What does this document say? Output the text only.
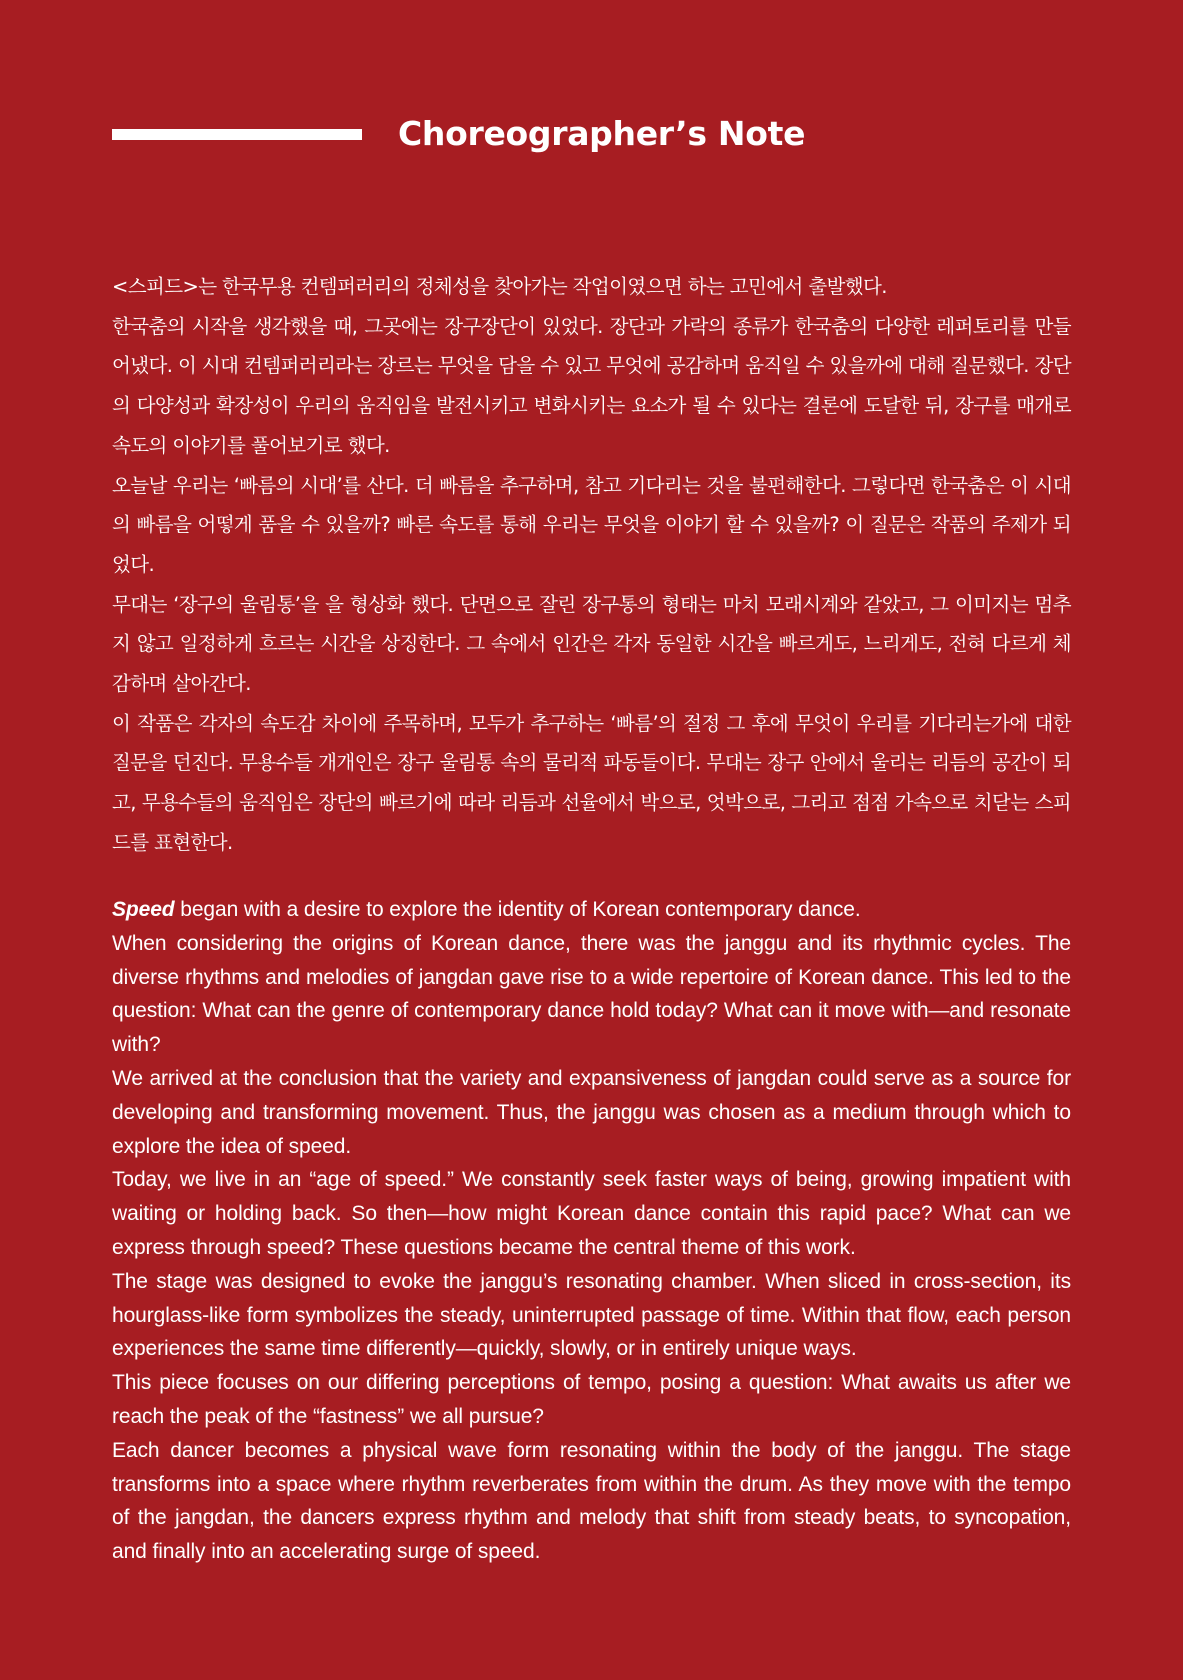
Choreographer’s Note

<스피드>는 한국무용 컨템퍼러리의 정체성을 찾아가는 작업이였으면 하는 고민에서 출발했다.

한국춤의 시작을 생각했을 때, 그곳에는 장구장단이 있었다. 장단과 가락의 종류가 한국춤의 다양한 레퍼토리를 만들어냈다. 이 시대 컨템퍼러리라는 장르는 무엇을 담을 수 있고 무엇에 공감하며 움직일 수 있을까에 대해 질문했다. 장단의 다양성과 확장성이 우리의 움직임을 발전시키고 변화시키는 요소가 될 수 있다는 결론에 도달한 뒤, 장구를 매개로 속도의 이야기를 풀어보기로 했다.

오늘날 우리는 ‘빠름의 시대’를 산다. 더 빠름을 추구하며, 참고 기다리는 것을 불편해한다. 그렇다면 한국춤은 이 시대의 빠름을 어떻게 품을 수 있을까? 빠른 속도를 통해 우리는 무엇을 이야기 할 수 있을까? 이 질문은 작품의 주제가 되었다.

무대는 ‘장구의 울림통’을 을 형상화 했다. 단면으로 잘린 장구통의 형태는 마치 모래시계와 같았고, 그 이미지는 멈추지 않고 일정하게 흐르는 시간을 상징한다. 그 속에서 인간은 각자 동일한 시간을 빠르게도, 느리게도, 전혀 다르게 체감하며 살아간다.

이 작품은 각자의 속도감 차이에 주목하며, 모두가 추구하는 ‘빠름’의 절정 그 후에 무엇이 우리를 기다리는가에 대한 질문을 던진다. 무용수들 개개인은 장구 울림통 속의 물리적 파동들이다. 무대는 장구 안에서 울리는 리듬의 공간이 되고, 무용수들의 움직임은 장단의 빠르기에 따라 리듬과 선율에서 박으로, 엇박으로, 그리고 점점 가속으로 치닫는 스피드를 표현한다.

Speed began with a desire to explore the identity of Korean contemporary dance.

When considering the origins of Korean dance, there was the janggu and its rhythmic cycles. The diverse rhythms and melodies of jangdan gave rise to a wide repertoire of Korean dance. This led to the question: What can the genre of contemporary dance hold today? What can it move with—and resonate with?

We arrived at the conclusion that the variety and expansiveness of jangdan could serve as a source for developing and transforming movement. Thus, the janggu was chosen as a medium through which to explore the idea of speed.

Today, we live in an “age of speed.” We constantly seek faster ways of being, growing impatient with waiting or holding back. So then—how might Korean dance contain this rapid pace? What can we express through speed? These questions became the central theme of this work.

The stage was designed to evoke the janggu’s resonating chamber. When sliced in cross-section, its hourglass-like form symbolizes the steady, uninterrupted passage of time. Within that flow, each person experiences the same time differently—quickly, slowly, or in entirely unique ways.

This piece focuses on our differing perceptions of tempo, posing a question: What awaits us after we reach the peak of the “fastness” we all pursue?

Each dancer becomes a physical wave form resonating within the body of the janggu. The stage transforms into a space where rhythm reverberates from within the drum. As they move with the tempo of the jangdan, the dancers express rhythm and melody that shift from steady beats, to syncopation, and finally into an accelerating surge of speed.
